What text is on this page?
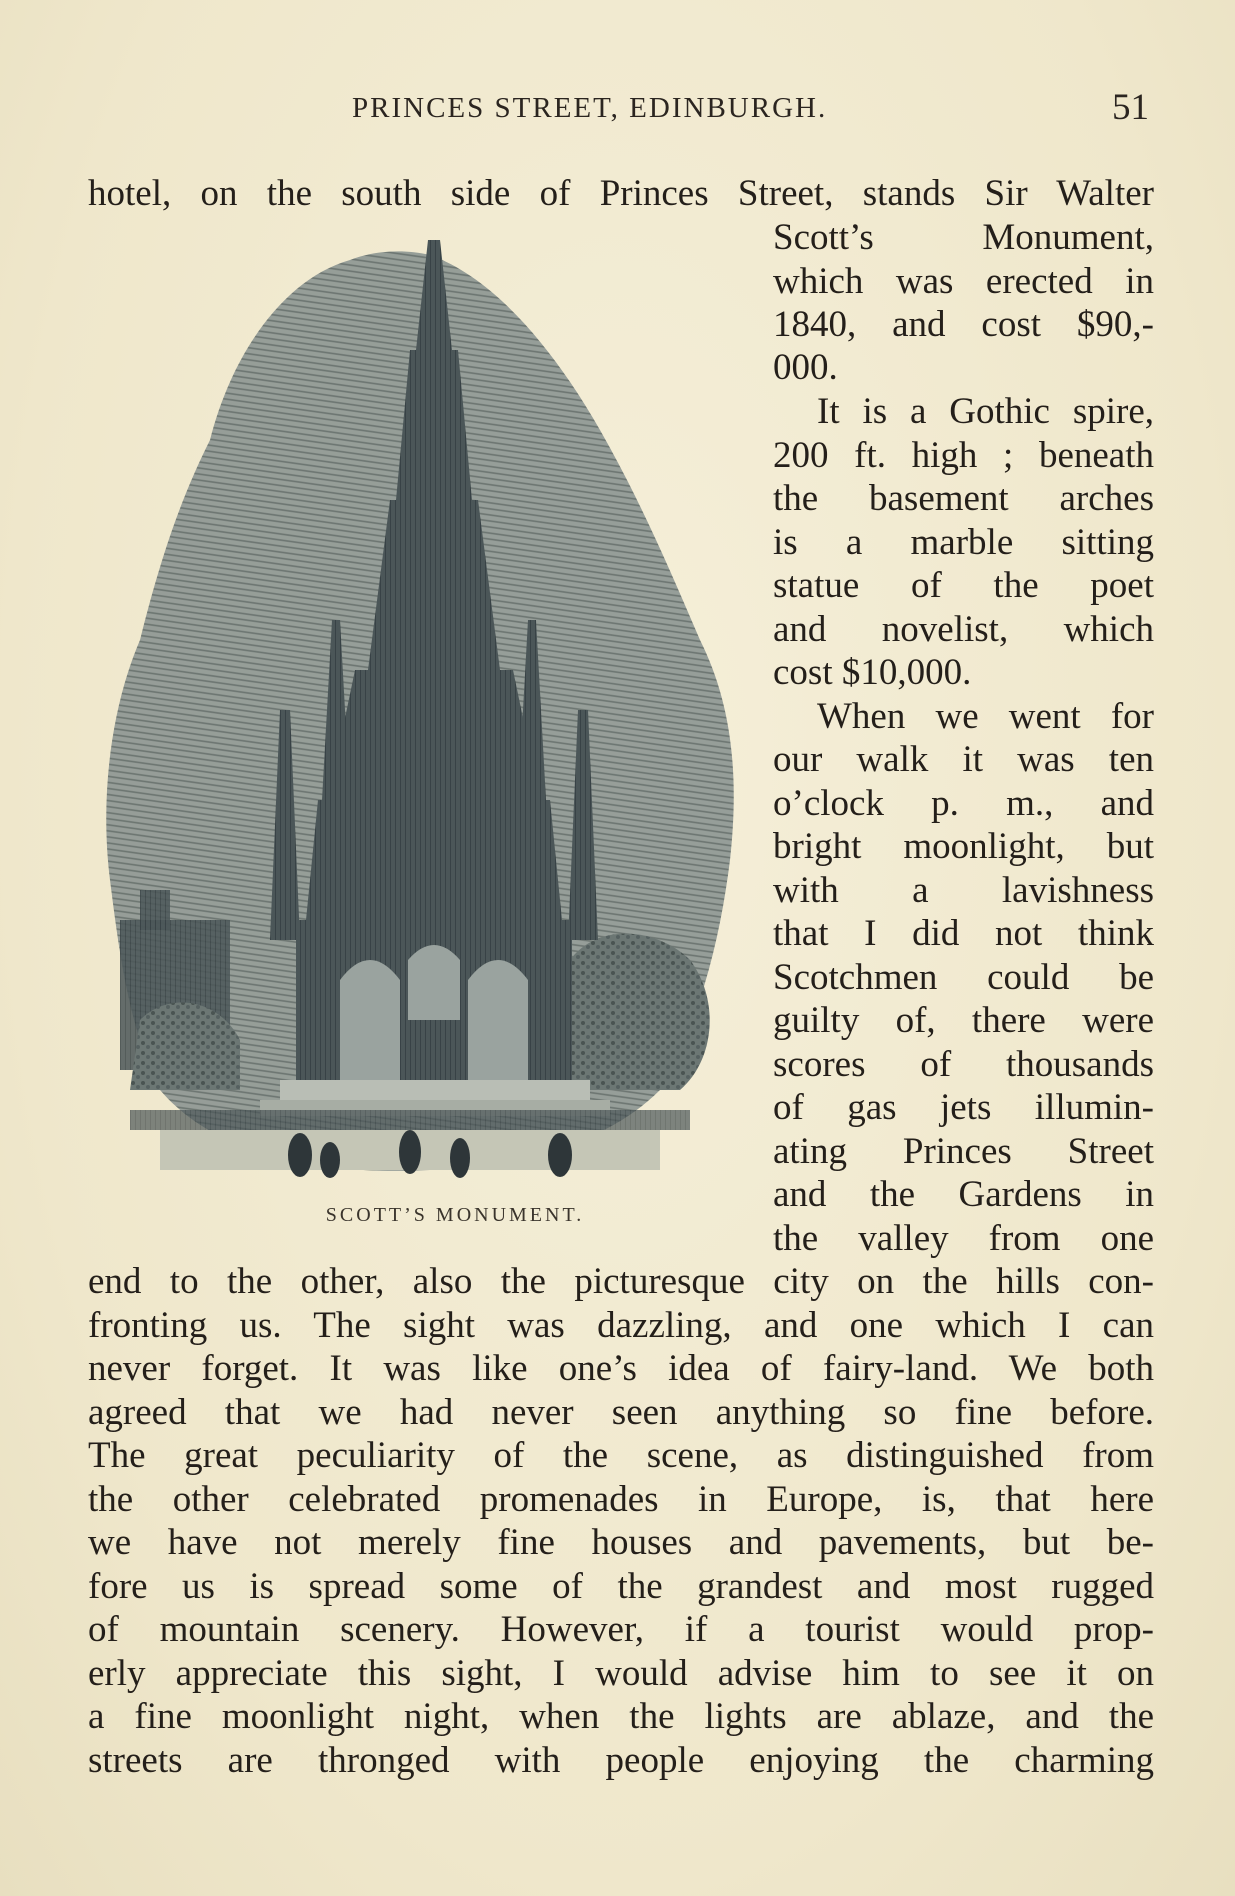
PRINCES STREET, EDINBURGH.	51
hotel, on the south side of Princes Street, stands Sir Walter
Scott’s Monument,
which was erected in
1840, and cost $90,-
000.
It is a Gothic spire,
200 ft. high ; beneath
the basement arches
is a marble sitting
statue of the poet
and novelist, which
cost $10,000.
When we went for
our walk it was ten
o’clock p. m., and
bright moonlight, but
with a lavishness
that I did not think
Scotchmen could be
guilty of, there were
scores of thousands
of gas jets illumin-
ating Princes Street
and the Gardens in
the valley from one
end to the other, also the picturesque city on the hills con-
fronting us. The sight was dazzling, and one which I can
never forget. It was like one’s idea of fairy-land. We both
agreed that we had never seen anything so fine before.
The great peculiarity of the scene, as distinguished from
the other celebrated promenades in Europe, is, that here
we have not merely fine houses and pavements, but be-
fore us is spread some of the grandest and most rugged
of mountain scenery. However, if a tourist would prop-
erly appreciate this sight, I would advise him to see it on
a fine moonlight night, when the lights are ablaze, and the
streets are thronged with people enjoying the charming
SCOTT’S MONUMENT.
